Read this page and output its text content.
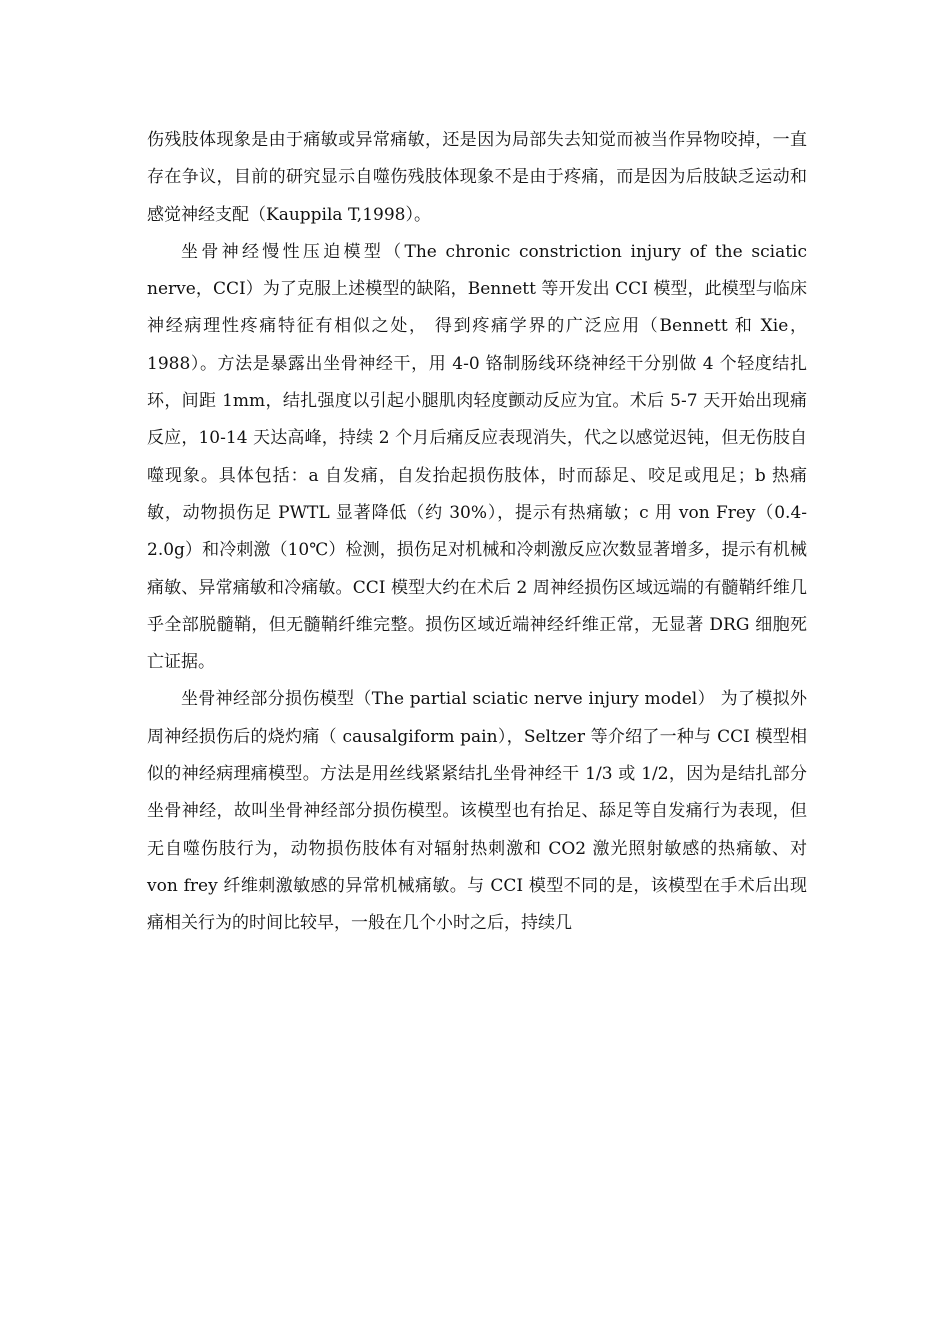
伤残肢体现象是由于痛敏或异常痛敏，还是因为局部失去知觉而被当作异物咬掉，一直存在争议，目前的研究显示自噬伤残肢体现象不是由于疼痛，而是因为后肢缺乏运动和感觉神经支配（Kauppila T,1998）。

坐骨神经慢性压迫模型（The chronic constriction injury of the sciatic nerve，CCI）为了克服上述模型的缺陷，Bennett 等开发出 CCI 模型，此模型与临床神经病理性疼痛特征有相似之处， 得到疼痛学界的广泛应用（Bennett 和 Xie，1988）。方法是暴露出坐骨神经干，用 4-0 铬制肠线环绕神经干分别做 4 个轻度结扎环，间距 1mm，结扎强度以引起小腿肌肉轻度颤动反应为宜。术后 5-7 天开始出现痛反应，10-14 天达高峰，持续 2 个月后痛反应表现消失，代之以感觉迟钝，但无伤肢自噬现象。具体包括：a 自发痛，自发抬起损伤肢体，时而舔足、咬足或甩足；b 热痛敏，动物损伤足 PWTL 显著降低（约 30%），提示有热痛敏；c 用 von Frey（0.4-2.0g）和冷刺激（10℃）检测，损伤足对机械和冷刺激反应次数显著增多，提示有机械痛敏、异常痛敏和冷痛敏。CCI 模型大约在术后 2 周神经损伤区域远端的有髓鞘纤维几乎全部脱髓鞘，但无髓鞘纤维完整。损伤区域近端神经纤维正常，无显著 DRG 细胞死亡证据。

坐骨神经部分损伤模型（The partial sciatic nerve injury model） 为了模拟外周神经损伤后的烧灼痛（ causalgiform pain），Seltzer 等介绍了一种与 CCI 模型相似的神经病理痛模型。方法是用丝线紧紧结扎坐骨神经干 1/3 或 1/2，因为是结扎部分坐骨神经，故叫坐骨神经部分损伤模型。该模型也有抬足、舔足等自发痛行为表现，但无自噬伤肢行为，动物损伤肢体有对辐射热刺激和 CO2 激光照射敏感的热痛敏、对 von frey 纤维刺激敏感的异常机械痛敏。与 CCI 模型不同的是，该模型在手术后出现痛相关行为的时间比较早，一般在几个小时之后，持续几
